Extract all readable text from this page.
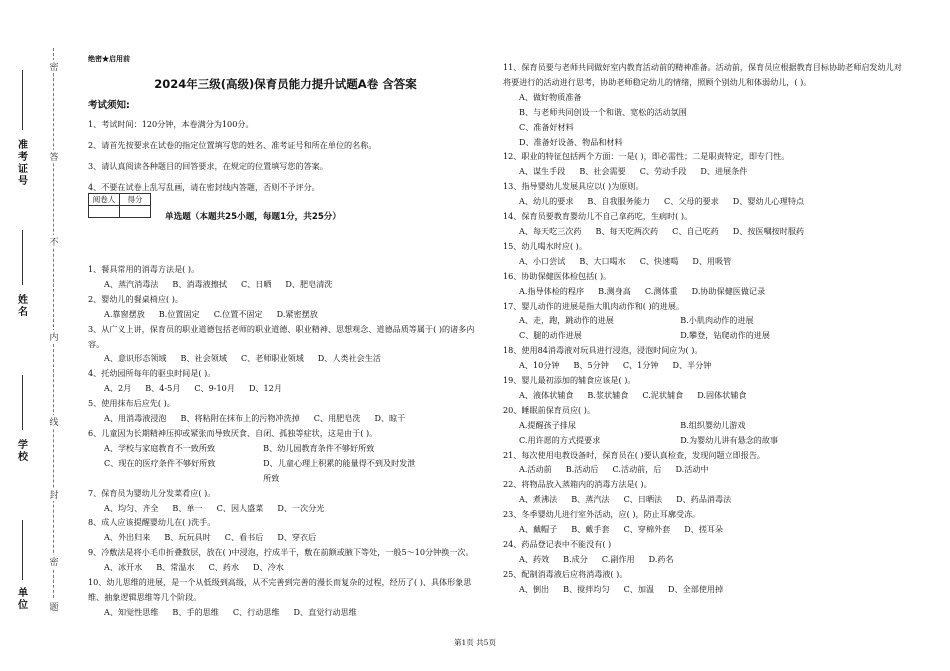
密
答
不
内
线
封
密
题
准考证号
姓名
学校
单位
绝密★启用前
2024年三级(高级)保育员能力提升试题A卷 含答案
考试须知:
1、考试时间：120分钟，本卷满分为100分。
2、请首先按要求在试卷的指定位置填写您的姓名、准考证号和所在单位的名称。
3、请认真阅读各种题目的回答要求，在规定的位置填写您的答案。
4、不要在试卷上乱写乱画，请在密封线内答题，否则不予评分。
阅卷人	得分

单选题（本题共25小题，每题1分，共25分）
1、餐具常用的消毒方法是( )。
A、蒸汽消毒法 B、消毒液擦拭 C、日晒 D、肥皂清洗
2、婴幼儿的餐桌椅应( )。
A.靠窗摆放 B.位置固定 C.位置不固定 D.紧密摆放
3、从广义上讲，保育员的职业道德包括老师的职业道德、职业精神、思想观念、道德品质等属于( )的诸多内容。
A、意识形态领域 B、社会领域 C、老师职业领域 D、人类社会生活
4、托幼园所每年的驱虫时间是( )。
A、2月 B、4-5月 C、9-10月 D、12月
5、使用抹布后应先( )。
A、用消毒液浸泡 B、将粘附在抹布上的污物冲洗掉 C、用肥皂洗 D、晾干
6、儿童因为长期精神压抑或紧张而导致厌食、自闭、孤独等症状，这是由于( )。
A、学校与家庭教育不一致所致	B、幼儿园教育条件不够好所致
C、现在的医疗条件不够好所致	D、儿童心理上积累的能量得不到及时发泄所致
7、保育员为婴幼儿分发菜肴应( )。
A、均匀、齐全 B、单一 C、因人盛菜 D、一次分光
8、成人应该提醒婴幼儿在( )洗手。
A、外出归来 B、玩玩具时 C、看书后 D、穿衣后
9、冷敷法是将小毛巾折叠数层，放在( )中浸泡，拧成半干，敷在前额或腋下等处，一般5～10分钟换一次。
A、冰开水 B、常温水 C、药水 D、冷水
10、幼儿思维的进展，是一个从低级到高级，从不完善到完善的漫长而复杂的过程，经历了( )、具体形象思维、抽象逻辑思维等几个阶段。
A、知觉性思维 B、手的思维 C、行动思维 D、直觉行动思维
11、保育员要与老师共同做好室内教育活动前的精神准备。活动前，保育员应根据教育目标协助老师启发幼儿对将要进行的活动进行思考，协助老师稳定幼儿的情绪，照顾个别幼儿和体弱幼儿，( )。
A、做好物质准备
B、与老师共同创设一个和谐、宽松的活动氛围
C、准备好材料
D、准备好设备、物品和材料
12、职业的特征包括两个方面：一是( )，即必需性；二是职责特定，即专门性。
A、谋生手段 B、社会需要 C、劳动手段 D、进展条件
13、指导婴幼儿发展具应以( )为原则。
A、幼儿的要求 B、自我服务能力 C、父母的要求 D、婴幼儿心理特点
14、保育员要教育婴幼儿不自己拿药吃，生病时( )。
A、每天吃三次药 B、每天吃两次药 C、自己吃药 D、按医嘱按时服药
15、幼儿喝水时应( )。
A、小口尝试 B、大口喝水 C、快速喝 D、用吸管
16、协助保健医体检包括( )。
A.指导体检的程序 B.测身高 C.测体重 D.协助保健医做记录
17、婴儿动作的进展是指大肌肉动作和( )的进展。
A、走，跑，跳动作的进展	B.小肌肉动作的进展
C、腿的动作进展	D.攀登，钻爬动作的进展
18、使用84消毒液对玩具进行浸泡，浸泡时间应为( )。
A、10分钟 B、5分钟 C、1分钟 D、半分钟
19、婴儿最初添加的辅食应该是( )。
A、液体状辅食 B.浆状辅食 C.泥状辅食 D.固体状辅食
20、睡眠前保育员应( )。
A.提醒孩子排尿	B.组织婴幼儿游戏
C.用许愿的方式提要求	D.为婴幼儿讲有悬念的故事
21、每次使用电教设备时，保育员在( )要认真检查，发现问题立即报告。
A.活动前 B.活动后 C.活动前，后 D.活动中
22、将物品放入蒸箱内的消毒方法是( )。
A、煮沸法 B、蒸汽法 C、日晒法 D、药品消毒法
23、冬季婴幼儿进行室外活动，应( )，防止耳廓受冻。
A、戴帽子 B、戴手套 C、穿棉外套 D、搓耳朵
24、药品登记表中不能没有( )
A、药效 B.成分 C.副作用 D.药名
25、配制消毒液后应将消毒液( )。
A、倒出 B、搅拌均匀 C、加温 D、全部使用掉
第1页 共5页
